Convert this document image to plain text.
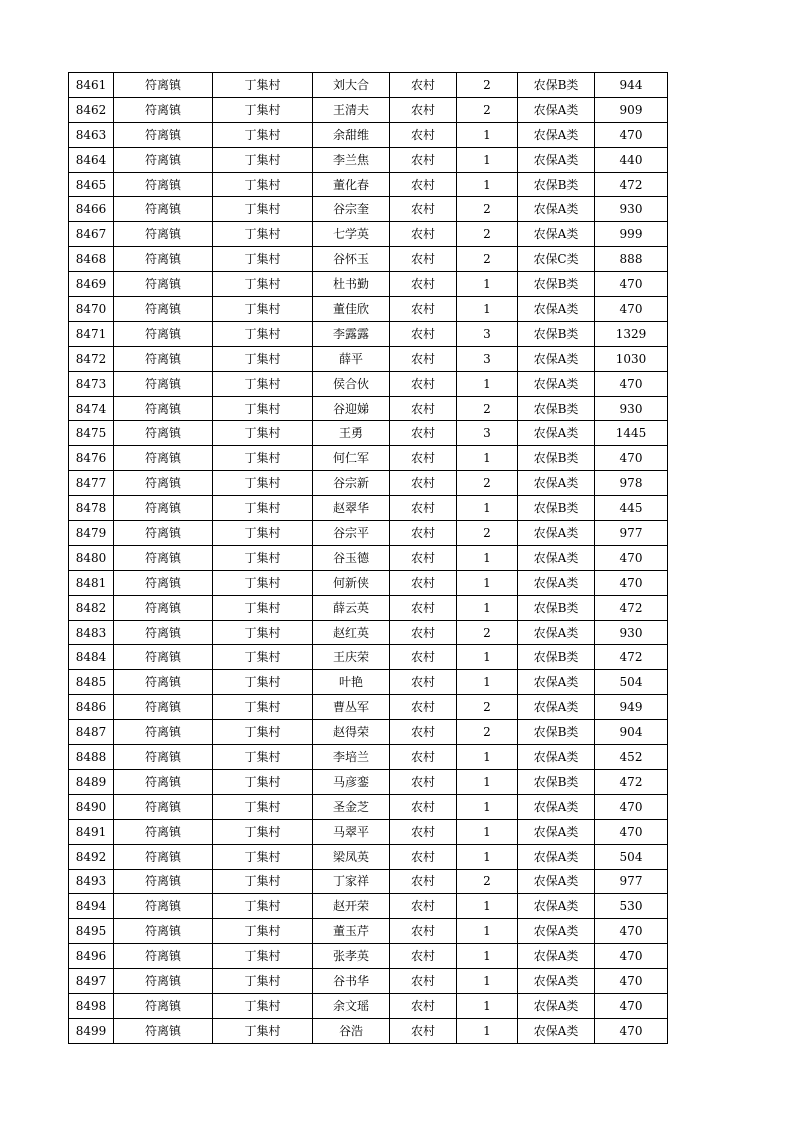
8461	符离镇	丁集村	刘大合	农村	2	农保B类	944
8462	符离镇	丁集村	王清夫	农村	2	农保A类	909
8463	符离镇	丁集村	余甜维	农村	1	农保A类	470
8464	符离镇	丁集村	李兰焦	农村	1	农保A类	440
8465	符离镇	丁集村	董化春	农村	1	农保B类	472
8466	符离镇	丁集村	谷宗奎	农村	2	农保A类	930
8467	符离镇	丁集村	七学英	农村	2	农保A类	999
8468	符离镇	丁集村	谷怀玉	农村	2	农保C类	888
8469	符离镇	丁集村	杜书勤	农村	1	农保B类	470
8470	符离镇	丁集村	董佳欣	农村	1	农保A类	470
8471	符离镇	丁集村	李露露	农村	3	农保B类	1329
8472	符离镇	丁集村	薛平	农村	3	农保A类	1030
8473	符离镇	丁集村	侯合伙	农村	1	农保A类	470
8474	符离镇	丁集村	谷迎娣	农村	2	农保B类	930
8475	符离镇	丁集村	王勇	农村	3	农保A类	1445
8476	符离镇	丁集村	何仁军	农村	1	农保B类	470
8477	符离镇	丁集村	谷宗新	农村	2	农保A类	978
8478	符离镇	丁集村	赵翠华	农村	1	农保B类	445
8479	符离镇	丁集村	谷宗平	农村	2	农保A类	977
8480	符离镇	丁集村	谷玉德	农村	1	农保A类	470
8481	符离镇	丁集村	何新侠	农村	1	农保A类	470
8482	符离镇	丁集村	薛云英	农村	1	农保B类	472
8483	符离镇	丁集村	赵红英	农村	2	农保A类	930
8484	符离镇	丁集村	王庆荣	农村	1	农保B类	472
8485	符离镇	丁集村	叶艳	农村	1	农保A类	504
8486	符离镇	丁集村	曹丛军	农村	2	农保A类	949
8487	符离镇	丁集村	赵得荣	农村	2	农保B类	904
8488	符离镇	丁集村	李培兰	农村	1	农保A类	452
8489	符离镇	丁集村	马彦銮	农村	1	农保B类	472
8490	符离镇	丁集村	圣金芝	农村	1	农保A类	470
8491	符离镇	丁集村	马翠平	农村	1	农保A类	470
8492	符离镇	丁集村	梁凤英	农村	1	农保A类	504
8493	符离镇	丁集村	丁家祥	农村	2	农保A类	977
8494	符离镇	丁集村	赵开荣	农村	1	农保A类	530
8495	符离镇	丁集村	董玉芹	农村	1	农保A类	470
8496	符离镇	丁集村	张孝英	农村	1	农保A类	470
8497	符离镇	丁集村	谷书华	农村	1	农保A类	470
8498	符离镇	丁集村	余文瑶	农村	1	农保A类	470
8499	符离镇	丁集村	谷浩	农村	1	农保A类	470
